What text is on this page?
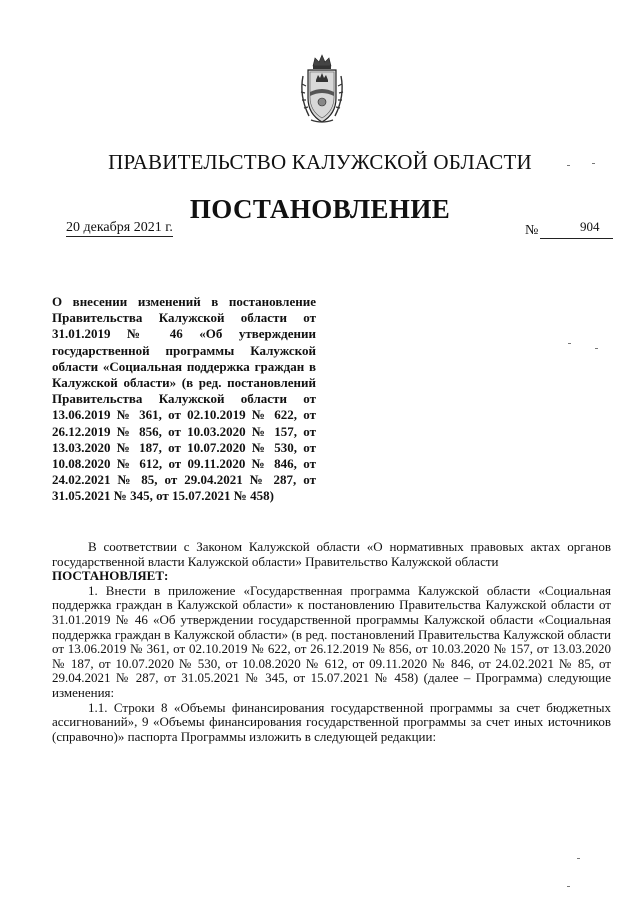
ПРАВИТЕЛЬСТВО КАЛУЖСКОЙ ОБЛАСТИ
ПОСТАНОВЛЕНИЕ
20 декабря 2021 г.	№	904
О внесении изменений в постановление Правительства Калужской области от 31.01.2019 № 46 «Об утверждении государственной программы Калужской области «Социальная поддержка граждан в Калужской области» (в ред. постановлений Правительства Калужской области от 13.06.2019 № 361, от 02.10.2019 № 622, от 26.12.2019 № 856, от 10.03.2020 № 157, от 13.03.2020 № 187, от 10.07.2020 № 530, от 10.08.2020 № 612, от 09.11.2020 № 846, от 24.02.2021 № 85, от 29.04.2021 № 287, от 31.05.2021 № 345, от 15.07.2021 № 458)

В соответствии с Законом Калужской области «О нормативных правовых актах органов государственной власти Калужской области» Правительство Калужской области

ПОСТАНОВЛЯЕТ:

1. Внести в приложение «Государственная программа Калужской области «Социальная поддержка граждан в Калужской области» к постановлению Правительства Калужской области от 31.01.2019 № 46 «Об утверждении государственной программы Калужской области «Социальная поддержка граждан в Калужской области» (в ред. постановлений Правительства Калужской области от 13.06.2019 № 361, от 02.10.2019 № 622, от 26.12.2019 № 856, от 10.03.2020 № 157, от 13.03.2020 № 187, от 10.07.2020 № 530, от 10.08.2020 № 612, от 09.11.2020 № 846, от 24.02.2021 № 85, от 29.04.2021 № 287, от 31.05.2021 № 345, от 15.07.2021 № 458) (далее – Программа) следующие изменения:

1.1. Строки 8 «Объемы финансирования государственной программы за счет бюджетных ассигнований», 9 «Объемы финансирования государственной программы за счет иных источников (справочно)» паспорта Программы изложить в следующей редакции:
